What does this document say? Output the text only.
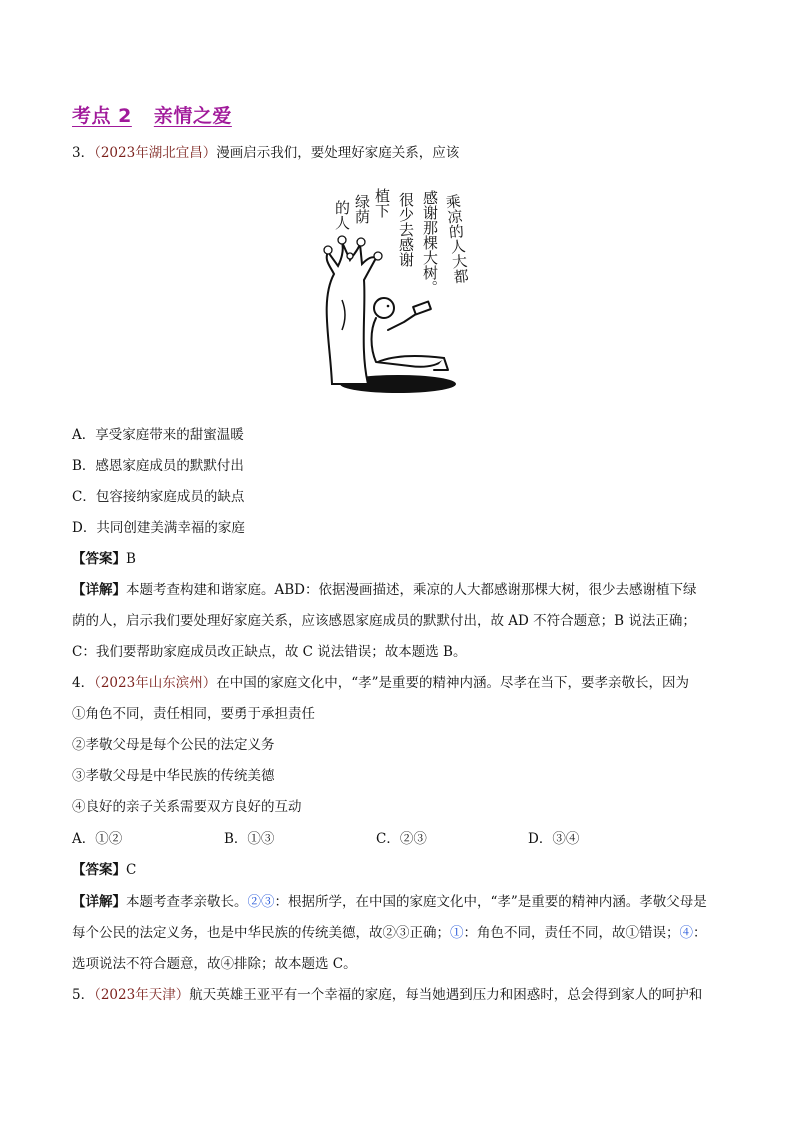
考点 2 亲情之爱
3．（2023年湖北宜昌）漫画启示我们，要处理好家庭关系，应该
乘凉的人大都
感谢那棵大树。
很少去感谢
植下
绿荫
的人
A．享受家庭带来的甜蜜温暖
B．感恩家庭成员的默默付出
C．包容接纳家庭成员的缺点
D．共同创建美满幸福的家庭
【答案】B
【详解】本题考查构建和谐家庭。ABD：依据漫画描述，乘凉的人大都感谢那棵大树，很少去感谢植下绿
荫的人，启示我们要处理好家庭关系，应该感恩家庭成员的默默付出，故 AD 不符合题意；B 说法正确；
C：我们要帮助家庭成员改正缺点，故 C 说法错误；故本题选 B。
4．（2023年山东滨州）在中国的家庭文化中，“孝”是重要的精神内涵。尽孝在当下，要孝亲敬长，因为
①角色不同，责任相同，要勇于承担责任
②孝敬父母是每个公民的法定义务
③孝敬父母是中华民族的传统美德
④良好的亲子关系需要双方良好的互动
A．①②	B．①③	C．②③	D．③④
【答案】C
【详解】本题考查孝亲敬长。②③：根据所学，在中国的家庭文化中，“孝”是重要的精神内涵。孝敬父母是
每个公民的法定义务，也是中华民族的传统美德，故②③正确；①：角色不同，责任不同，故①错误；④：
选项说法不符合题意，故④排除；故本题选 C。
5．（2023年天津）航天英雄王亚平有一个幸福的家庭，每当她遇到压力和困惑时，总会得到家人的呵护和
